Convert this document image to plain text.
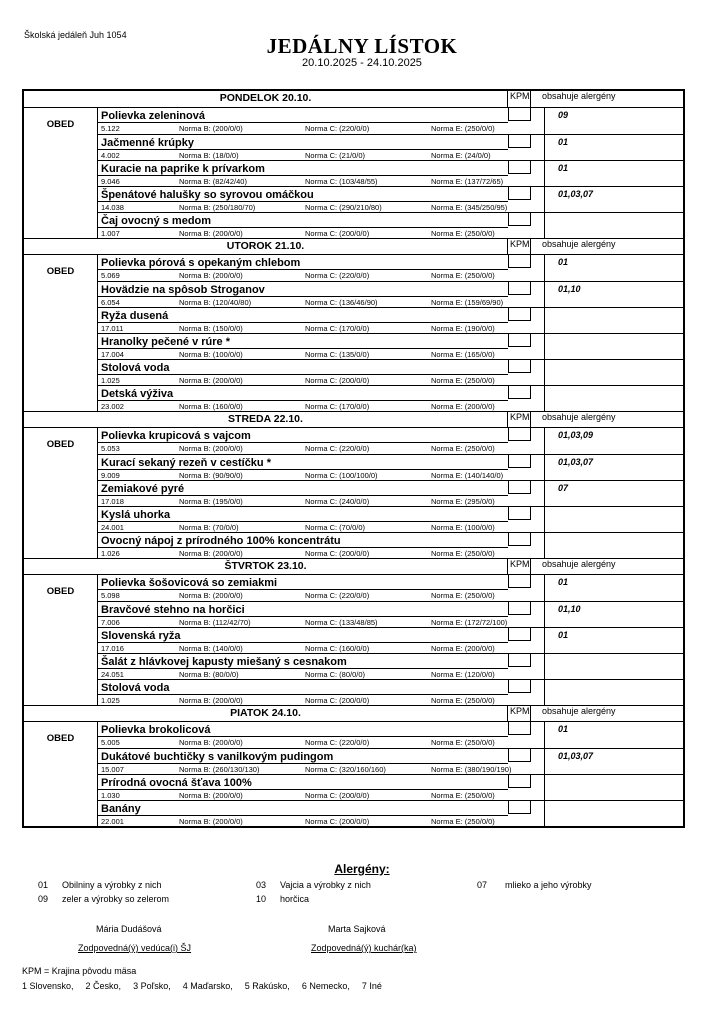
Školská jedáleň Juh 1054	JEDÁLNY LÍSTOK
20.10.2025 - 24.10.2025
PONDELOK 20.10.	KPM	obsahuje alergény
OBED
Polievka zeleninová
5.122	Norma B: (200/0/0)	Norma C: (220/0/0)	Norma E: (250/0/0)
09
Jačmenné krúpky
4.002	Norma B: (18/0/0)	Norma C: (21/0/0)	Norma E: (24/0/0)
01
Kuracie na paprike k prívarkom
9.046	Norma B: (82/42/40)	Norma C: (103/48/55)	Norma E: (137/72/65)
01
Špenátové halušky so syrovou omáčkou
14.038	Norma B: (250/180/70)	Norma C: (290/210/80)	Norma E: (345/250/95)
01,03,07
Čaj ovocný s medom
1.007	Norma B: (200/0/0)	Norma C: (200/0/0)	Norma E: (250/0/0)
UTOROK 21.10.	KPM	obsahuje alergény
OBED
Polievka pórová s opekaným chlebom
5.069	Norma B: (200/0/0)	Norma C: (220/0/0)	Norma E: (250/0/0)
01
Hovädzie na spôsob Stroganov
6.054	Norma B: (120/40/80)	Norma C: (136/46/90)	Norma E: (159/69/90)
01,10
Ryža dusená
17.011	Norma B: (150/0/0)	Norma C: (170/0/0)	Norma E: (190/0/0)
Hranolky pečené v rúre *
17.004	Norma B: (100/0/0)	Norma C: (135/0/0)	Norma E: (165/0/0)
Stolová voda
1.025	Norma B: (200/0/0)	Norma C: (200/0/0)	Norma E: (250/0/0)
Detská výživa
23.002	Norma B: (160/0/0)	Norma C: (170/0/0)	Norma E: (200/0/0)
STREDA 22.10.	KPM	obsahuje alergény
OBED
Polievka krupicová s vajcom
5.053	Norma B: (200/0/0)	Norma C: (220/0/0)	Norma E: (250/0/0)
01,03,09
Kurací sekaný rezeň v cestíčku *
9.009	Norma B: (90/90/0)	Norma C: (100/100/0)	Norma E: (140/140/0)
01,03,07
Zemiakové pyré
17.018	Norma B: (195/0/0)	Norma C: (240/0/0)	Norma E: (295/0/0)
07
Kyslá uhorka
24.001	Norma B: (70/0/0)	Norma C: (70/0/0)	Norma E: (100/0/0)
Ovocný nápoj z prírodného 100% koncentrátu
1.026	Norma B: (200/0/0)	Norma C: (200/0/0)	Norma E: (250/0/0)
ŠTVRTOK 23.10.	KPM	obsahuje alergény
OBED
Polievka šošovicová so zemiakmi
5.098	Norma B: (200/0/0)	Norma C: (220/0/0)	Norma E: (250/0/0)
01
Bravčové stehno na horčici
7.006	Norma B: (112/42/70)	Norma C: (133/48/85)	Norma E: (172/72/100)
01,10
Slovenská ryža
17.016	Norma B: (140/0/0)	Norma C: (160/0/0)	Norma E: (200/0/0)
01
Šalát z hlávkovej kapusty miešaný s cesnakom
24.051	Norma B: (80/0/0)	Norma C: (80/0/0)	Norma E: (120/0/0)
Stolová voda
1.025	Norma B: (200/0/0)	Norma C: (200/0/0)	Norma E: (250/0/0)
PIATOK 24.10.	KPM	obsahuje alergény
OBED
Polievka brokolicová
5.005	Norma B: (200/0/0)	Norma C: (220/0/0)	Norma E: (250/0/0)
01
Dukátové buchtičky s vanilkovým pudingom
15.007	Norma B: (260/130/130)	Norma C: (320/160/160)	Norma E: (380/190/190)
01,03,07
Prírodná ovocná šťava 100%
1.030	Norma B: (200/0/0)	Norma C: (200/0/0)	Norma E: (250/0/0)
Banány
22.001	Norma B: (200/0/0)	Norma C: (200/0/0)	Norma E: (250/0/0)
Alergény:
01 Obilniny a výrobky z nich	03 Vajcia a výrobky z nich	07 mlieko a jeho výrobky
09 zeler a výrobky so zelerom	10 horčica
Mária Dudášová
Zodpovedná(ý) vedúca(i) ŠJ
Marta Sajková
Zodpovedná(ý) kuchár(ka)
KPM = Krajina pôvodu mäsa
1 Slovensko, 2 Česko, 3 Poľsko, 4 Maďarsko, 5 Rakúsko, 6 Nemecko, 7 Iné
